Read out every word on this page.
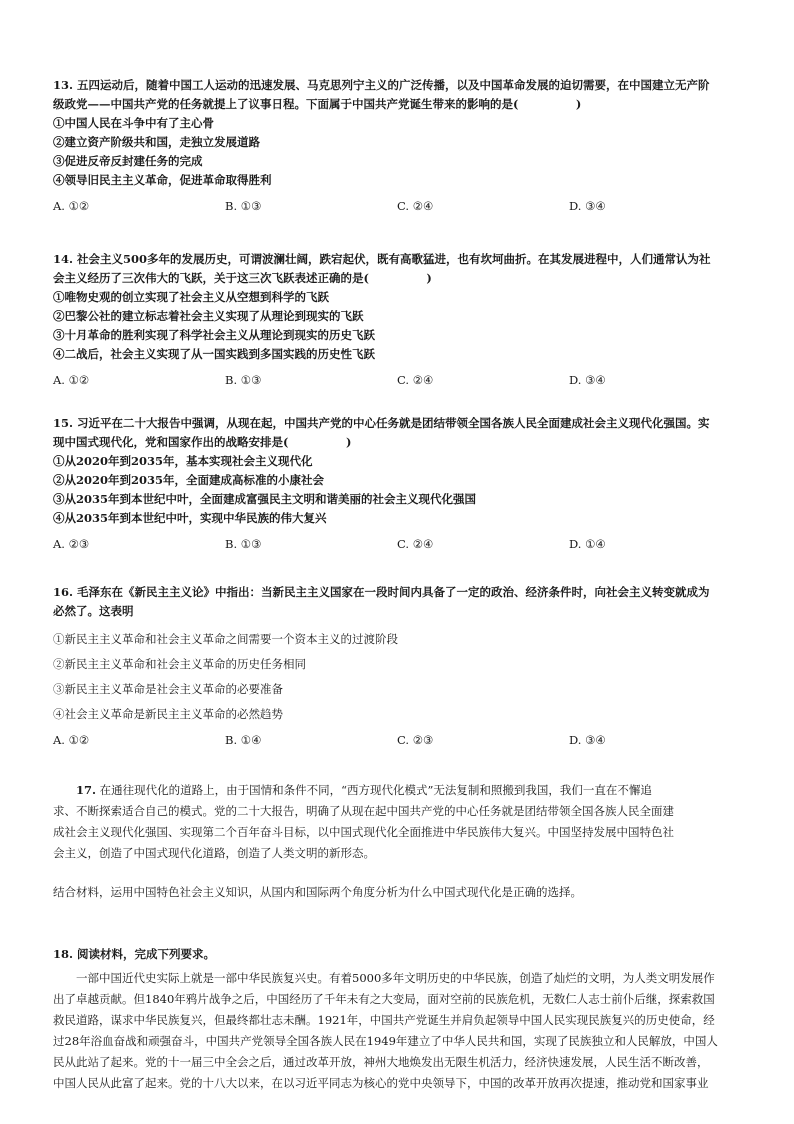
13. 五四运动后，随着中国工人运动的迅速发展、马克思列宁主义的广泛传播，以及中国革命发展的迫切需要，在中国建立无产阶
级政党——中国共产党的任务就提上了议事日程。下面属于中国共产党诞生带来的影响的是(　　　　　)
①中国人民在斗争中有了主心骨
②建立资产阶级共和国，走独立发展道路
③促进反帝反封建任务的完成
④领导旧民主主义革命，促进革命取得胜利
A. ①②	B. ①③	C. ②④	D. ③④
14. 社会主义500多年的发展历史，可谓波澜壮阔，跌宕起伏，既有高歌猛进，也有坎坷曲折。在其发展进程中，人们通常认为社
会主义经历了三次伟大的飞跃，关于这三次飞跃表述正确的是(　　　　　)
①唯物史观的创立实现了社会主义从空想到科学的飞跃
②巴黎公社的建立标志着社会主义实现了从理论到现实的飞跃
③十月革命的胜利实现了科学社会主义从理论到现实的历史飞跃
④二战后，社会主义实现了从一国实践到多国实践的历史性飞跃
A. ①②	B. ①③	C. ②④	D. ③④
15. 习近平在二十大报告中强调，从现在起，中国共产党的中心任务就是团结带领全国各族人民全面建成社会主义现代化强国。实
现中国式现代化，党和国家作出的战略安排是(　　　　　)
①从2020年到2035年，基本实现社会主义现代化
②从2020年到2035年，全面建成高标准的小康社会
③从2035年到本世纪中叶，全面建成富强民主文明和谐美丽的社会主义现代化强国
④从2035年到本世纪中叶，实现中华民族的伟大复兴
A. ②③	B. ①③	C. ②④	D. ①④
16. 毛泽东在《新民主主义论》中指出：当新民主主义国家在一段时间内具备了一定的政治、经济条件时，向社会主义转变就成为
必然了。这表明
①新民主主义革命和社会主义革命之间需要一个资本主义的过渡阶段
②新民主主义革命和社会主义革命的历史任务相同
③新民主主义革命是社会主义革命的必要准备
④社会主义革命是新民主主义革命的必然趋势
A. ①②	B. ①④	C. ②③	D. ③④
17. 在通往现代化的道路上，由于国情和条件不同，“西方现代化模式”无法复制和照搬到我国，我们一直在不懈追
求、不断探索适合自己的模式。党的二十大报告，明确了从现在起中国共产党的中心任务就是团结带领全国各族人民全面建
成社会主义现代化强国、实现第二个百年奋斗目标，以中国式现代化全面推进中华民族伟大复兴。中国坚持发展中国特色社
会主义，创造了中国式现代化道路，创造了人类文明的新形态。
结合材料，运用中国特色社会主义知识，从国内和国际两个角度分析为什么中国式现代化是正确的选择。
18. 阅读材料，完成下列要求。
一部中国近代史实际上就是一部中华民族复兴史。有着5000多年文明历史的中华民族，创造了灿烂的文明，为人类文明发展作
出了卓越贡献。但1840年鸦片战争之后，中国经历了千年未有之大变局，面对空前的民族危机，无数仁人志士前仆后继，探索救国
救民道路，谋求中华民族复兴，但最终都壮志未酬。1921年，中国共产党诞生并肩负起领导中国人民实现民族复兴的历史使命，经
过28年浴血奋战和顽强奋斗，中国共产党领导全国各族人民在1949年建立了中华人民共和国，实现了民族独立和人民解放，中国人
民从此站了起来。党的十一届三中全会之后，通过改革开放，神州大地焕发出无限生机活力，经济快速发展，人民生活不断改善，
中国人民从此富了起来。党的十八大以来，在以习近平同志为核心的党中央领导下，中国的改革开放再次提速，推动党和国家事业
